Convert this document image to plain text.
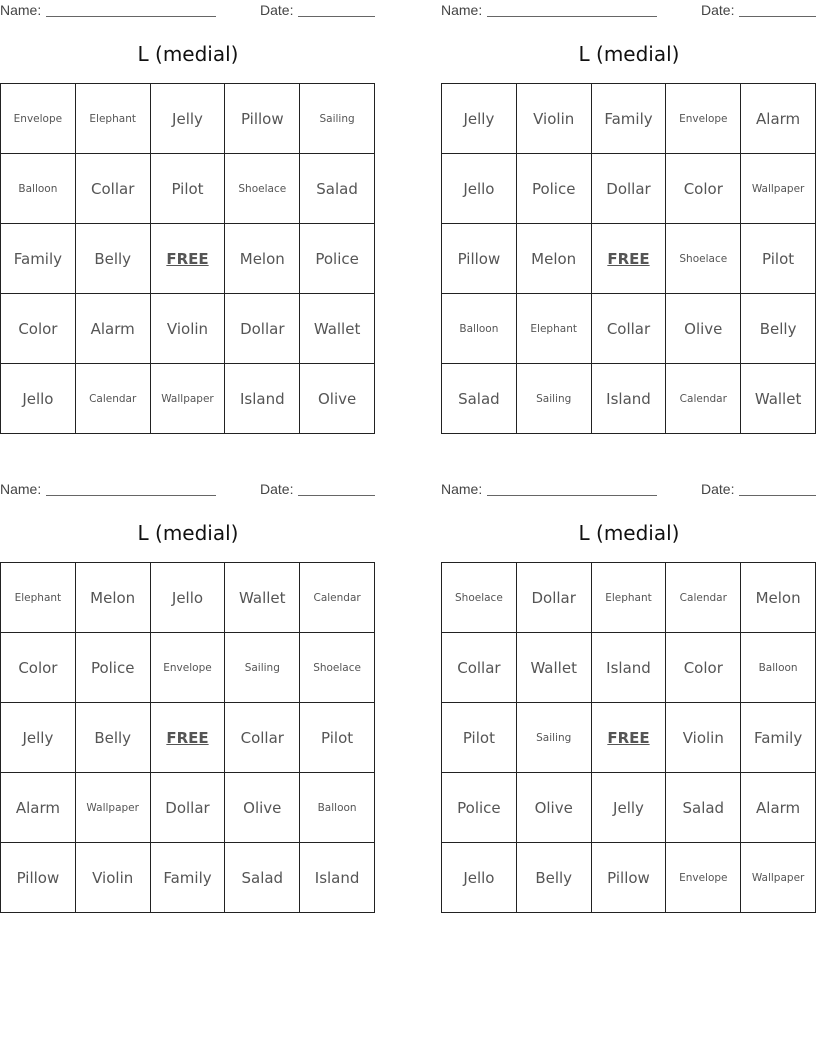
Name:	Date:
L (medial)
Envelope	Elephant	Jelly	Pillow	Sailing
Balloon	Collar	Pilot	Shoelace	Salad
Family	Belly	FREE	Melon	Police
Color	Alarm	Violin	Dollar	Wallet
Jello	Calendar	Wallpaper	Island	Olive
Name:	Date:
L (medial)
Jelly	Violin	Family	Envelope	Alarm
Jello	Police	Dollar	Color	Wallpaper
Pillow	Melon	FREE	Shoelace	Pilot
Balloon	Elephant	Collar	Olive	Belly
Salad	Sailing	Island	Calendar	Wallet
Name:	Date:
L (medial)
Elephant	Melon	Jello	Wallet	Calendar
Color	Police	Envelope	Sailing	Shoelace
Jelly	Belly	FREE	Collar	Pilot
Alarm	Wallpaper	Dollar	Olive	Balloon
Pillow	Violin	Family	Salad	Island
Name:	Date:
L (medial)
Shoelace	Dollar	Elephant	Calendar	Melon
Collar	Wallet	Island	Color	Balloon
Pilot	Sailing	FREE	Violin	Family
Police	Olive	Jelly	Salad	Alarm
Jello	Belly	Pillow	Envelope	Wallpaper
